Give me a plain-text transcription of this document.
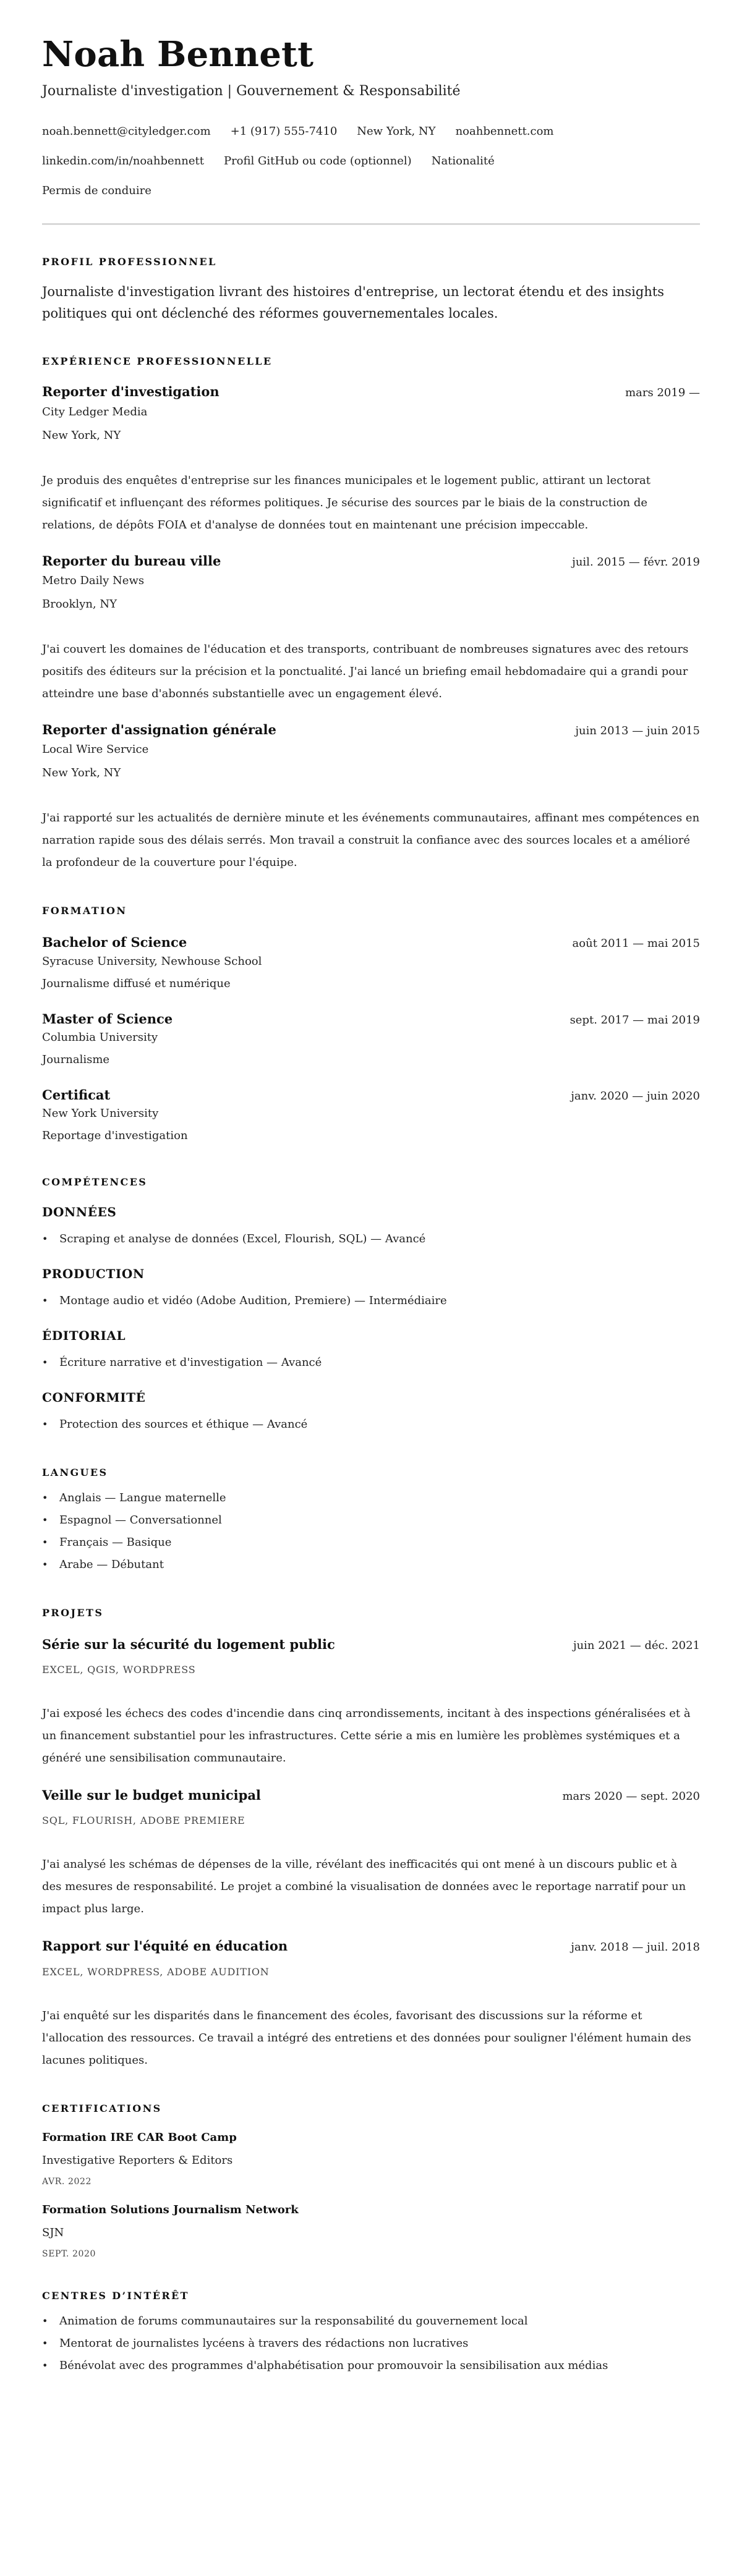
Noah Bennett
Journaliste d'investigation | Gouvernement & Responsabilité
noah.bennett@cityledger.com +1 (917) 555-7410 New York, NY noahbennett.com
linkedin.com/in/noahbennett Profil GitHub ou code (optionnel) Nationalité
Permis de conduire
PROFIL PROFESSIONNEL

Journaliste d'investigation livrant des histoires d'entreprise, un lectorat étendu et des insights politiques qui ont déclenché des réformes gouvernementales locales.

EXPÉRIENCE PROFESSIONNELLE
Reporter d'investigation	mars 2019 —
City Ledger Media
New York, NY

Je produis des enquêtes d'entreprise sur les finances municipales et le logement public, attirant un lectorat significatif et influençant des réformes politiques. Je sécurise des sources par le biais de la construction de relations, de dépôts FOIA et d'analyse de données tout en maintenant une précision impeccable.

Reporter du bureau ville	juil. 2015 — févr. 2019
Metro Daily News
Brooklyn, NY

J'ai couvert les domaines de l'éducation et des transports, contribuant de nombreuses signatures avec des retours positifs des éditeurs sur la précision et la ponctualité. J'ai lancé un briefing email hebdomadaire qui a grandi pour atteindre une base d'abonnés substantielle avec un engagement élevé.

Reporter d'assignation générale	juin 2013 — juin 2015
Local Wire Service
New York, NY

J'ai rapporté sur les actualités de dernière minute et les événements communautaires, affinant mes compétences en narration rapide sous des délais serrés. Mon travail a construit la confiance avec des sources locales et a amélioré la profondeur de la couverture pour l'équipe.

FORMATION
Bachelor of Science	août 2011 — mai 2015
Syracuse University, Newhouse School
Journalisme diffusé et numérique
Master of Science	sept. 2017 — mai 2019
Columbia University
Journalisme
Certificat	janv. 2020 — juin 2020
New York University
Reportage d'investigation
COMPÉTENCES
DONNÉES
• Scraping et analyse de données (Excel, Flourish, SQL) — Avancé
PRODUCTION
• Montage audio et vidéo (Adobe Audition, Premiere) — Intermédiaire
ÉDITORIAL
• Écriture narrative et d'investigation — Avancé
CONFORMITÉ
• Protection des sources et éthique — Avancé
LANGUES
• Anglais — Langue maternelle
• Espagnol — Conversationnel
• Français — Basique
• Arabe — Débutant
PROJETS
Série sur la sécurité du logement public	juin 2021 — déc. 2021
EXCEL, QGIS, WORDPRESS

J'ai exposé les échecs des codes d'incendie dans cinq arrondissements, incitant à des inspections généralisées et à un financement substantiel pour les infrastructures. Cette série a mis en lumière les problèmes systémiques et a généré une sensibilisation communautaire.

Veille sur le budget municipal	mars 2020 — sept. 2020
SQL, FLOURISH, ADOBE PREMIERE

J'ai analysé les schémas de dépenses de la ville, révélant des inefficacités qui ont mené à un discours public et à des mesures de responsabilité. Le projet a combiné la visualisation de données avec le reportage narratif pour un impact plus large.

Rapport sur l'équité en éducation	janv. 2018 — juil. 2018
EXCEL, WORDPRESS, ADOBE AUDITION

J'ai enquêté sur les disparités dans le financement des écoles, favorisant des discussions sur la réforme et l'allocation des ressources. Ce travail a intégré des entretiens et des données pour souligner l'élément humain des lacunes politiques.

CERTIFICATIONS
Formation IRE CAR Boot Camp
Investigative Reporters & Editors
AVR. 2022
Formation Solutions Journalism Network
SJN
SEPT. 2020
CENTRES D’INTÉRÊT
• Animation de forums communautaires sur la responsabilité du gouvernement local
• Mentorat de journalistes lycéens à travers des rédactions non lucratives
• Bénévolat avec des programmes d'alphabétisation pour promouvoir la sensibilisation aux médias
